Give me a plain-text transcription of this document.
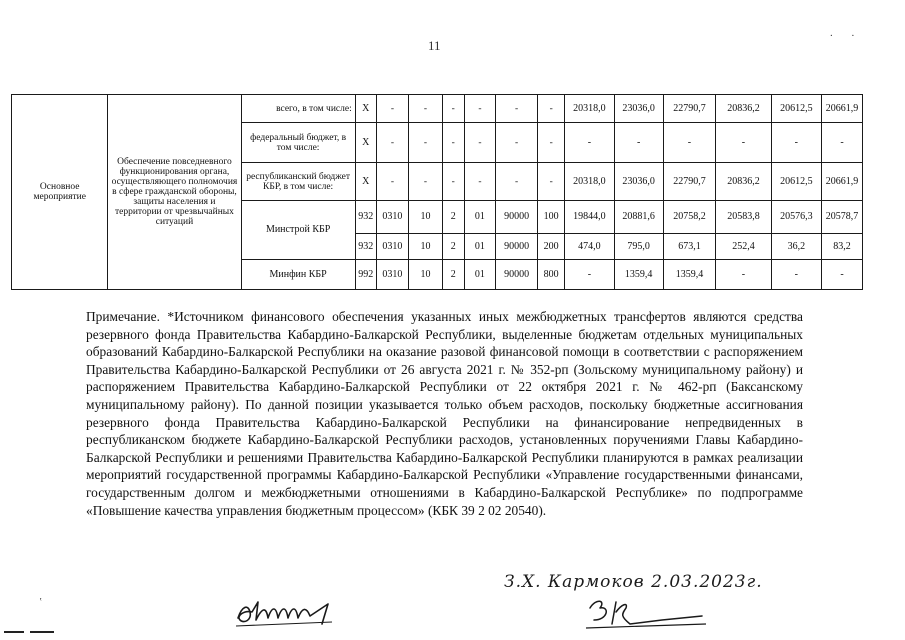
11
. .
Основное мероприятие	Обеспечение повседневного функционирования органа, осуществляющего полномочия в сфере гражданской обороны, защиты населения и территории от чрезвычайных ситуаций	всего, в том числе:	X	-	-	-	-	-	-	20318,0	23036,0	22790,7	20836,2	20612,5	20661,9
		федеральный бюджет, в том числе:	X	-	-	-	-	-	-	-	-	-	-	-	-
		республиканский бюджет КБР, в том числе:	X	-	-	-	-	-	-	20318,0	23036,0	22790,7	20836,2	20612,5	20661,9
		Минстрой КБР	932	0310	10	2	01	90000	100	19844,0	20881,6	20758,2	20583,8	20576,3	20578,7
			932	0310	10	2	01	90000	200	474,0	795,0	673,1	252,4	36,2	83,2
		Минфин КБР	992	0310	10	2	01	90000	800	-	1359,4	1359,4	-	-	-

Примечание. *Источником финансового обеспечения указанных иных межбюджетных трансфертов являются средства резервного фонда Правительства Кабардино-Балкарской Республики, выделенные бюджетам отдельных муниципальных образований Кабардино-Балкарской Республики на оказание разовой финансовой помощи в соответствии с распоряжением Правительства Кабардино-Балкарской Республики от 26 августа 2021 г. № 352-рп (Зольскому муниципальному району) и распоряжением Правительства Кабардино-Балкарской Республики от 22 октября 2021 г. № 462-рп (Баксанскому муниципальному району). По данной позиции указывается только объем расходов, поскольку бюджетные ассигнования резервного фонда Правительства Кабардино-Балкарской Республики на финансирование непредвиденных в республиканском бюджете Кабардино-Балкарской Республики расходов, установленных поручениями Главы Кабардино-Балкарской Республики и решениями Правительства Кабардино-Балкарской Республики планируются в рамках реализации мероприятий государственной программы Кабардино-Балкарской Республики «Управление государственными финансами, государственным долгом и межбюджетными отношениями в Кабардино-Балкарской Республике» по подпрограмме «Повышение качества управления бюджетным процессом» (КБК 39 2 02 20540).

ʽ
З.Х. Кармоков 2.03.2023г.
